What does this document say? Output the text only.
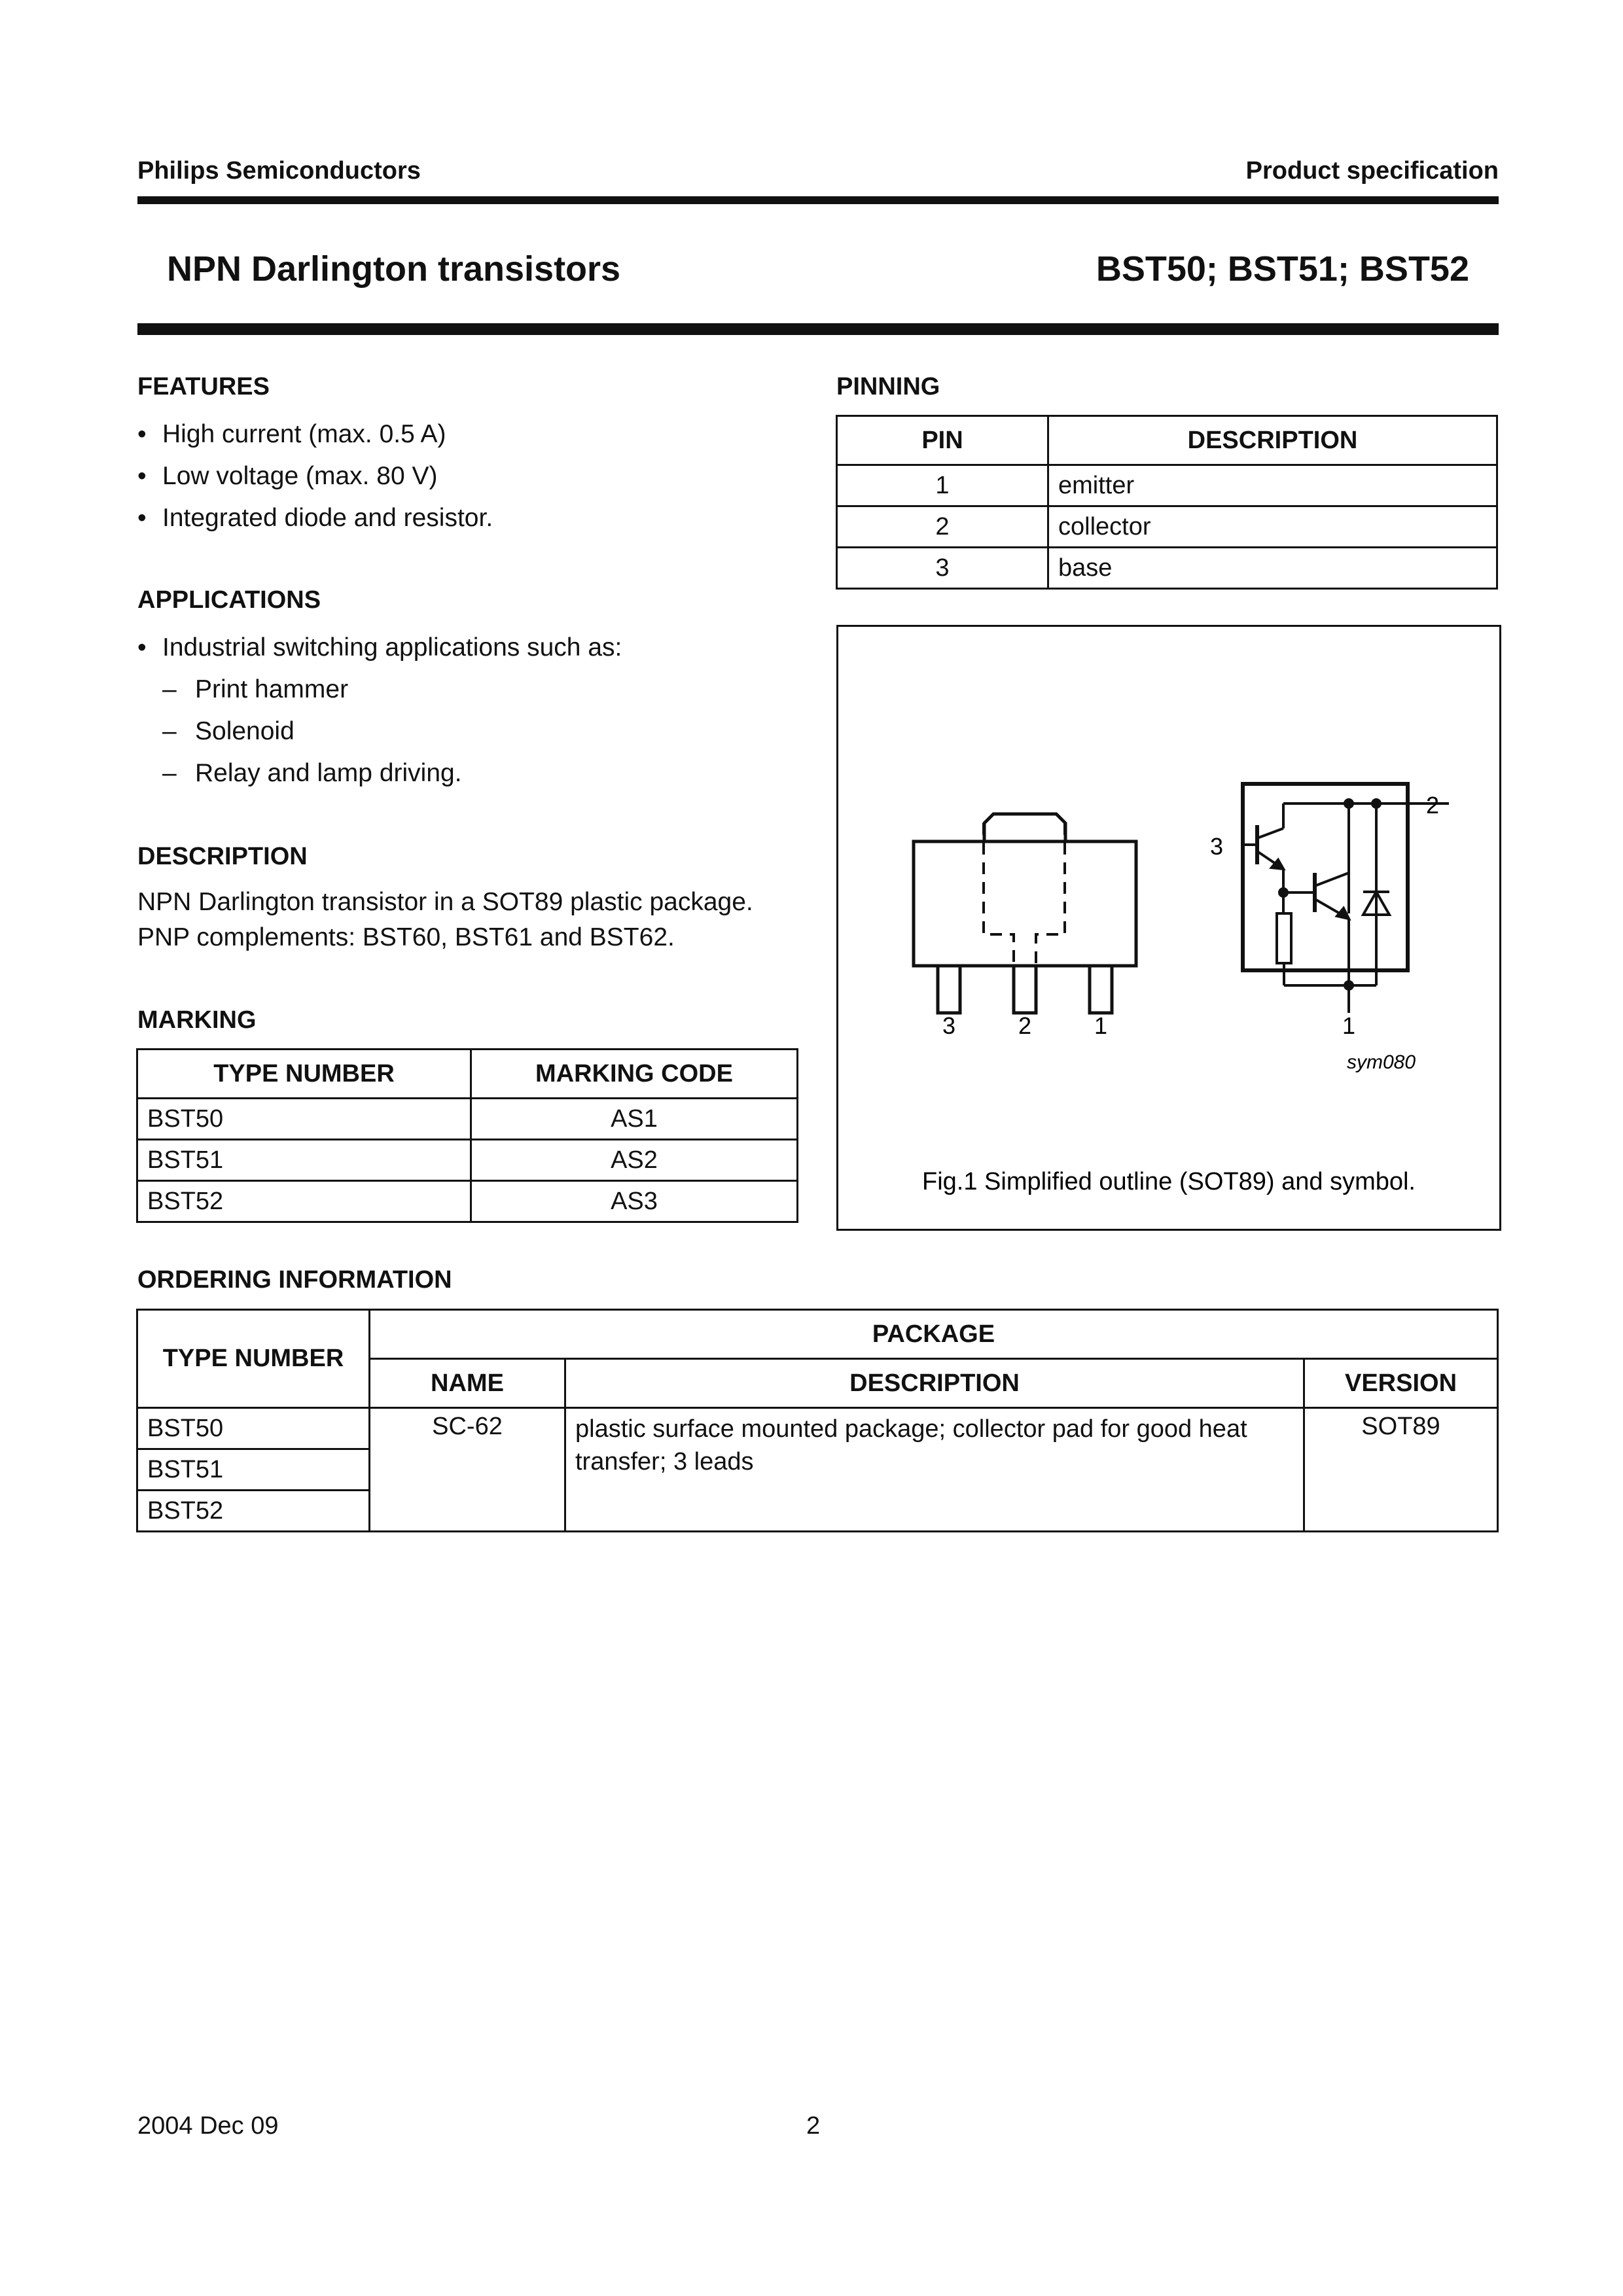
Philips Semiconductors	Product specification
NPN Darlington transistors	BST50; BST51; BST52
FEATURES
• High current (max. 0.5 A)
• Low voltage (max. 80 V)
• Integrated diode and resistor.
APPLICATIONS
• Industrial switching applications such as:
– Print hammer
– Solenoid
– Relay and lamp driving.
DESCRIPTION
NPN Darlington transistor in a SOT89 plastic package.
PNP complements: BST60, BST61 and BST62.
MARKING
TYPE NUMBER	MARKING CODE
BST50	AS1
BST51	AS2
BST52	AS3
PINNING
PIN	DESCRIPTION
1	emitter
2	collector
3	base
3	2	1
2
3
1
sym080
Fig.1 Simplified outline (SOT89) and symbol.
ORDERING INFORMATION
TYPE NUMBER	PACKAGE		
	NAME	DESCRIPTION	VERSION
BST50	SC-62	plastic surface mounted package; collector pad for good heat transfer; 3 leads	SOT89
BST51			
BST52			
2004 Dec 09	2
